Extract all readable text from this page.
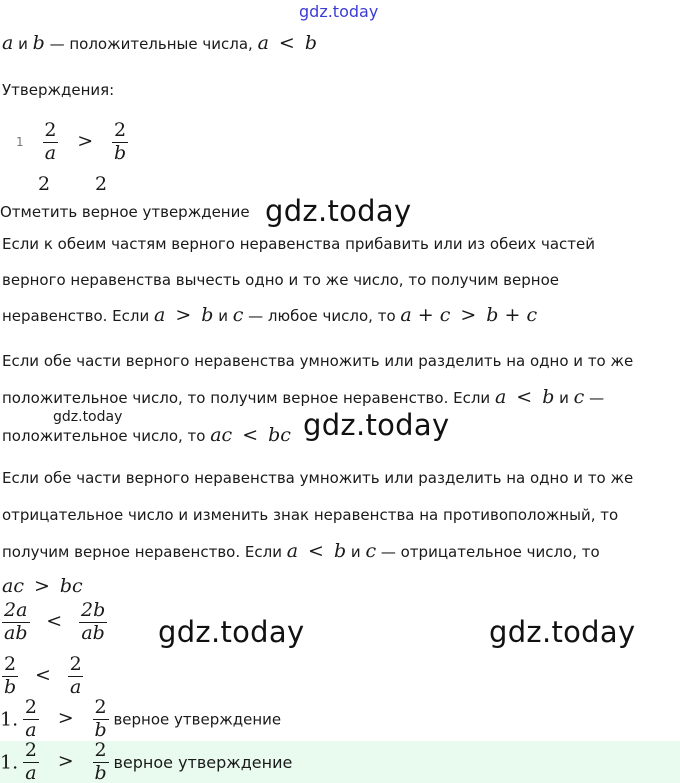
gdz.today
a и b — положительные числа, a < b
Утверждения:
$1 \frac{2}{a} > \frac{2}{b}$
2 2
Отметить верное утверждение gdz.today
Если к обеим частям верного неравенства прибавить или из обеих частей
верного неравенства вычесть одно и то же число, то получим верное
неравенство. Если a > b и c — любое число, то a + c > b + c
Если обе части верного неравенства умножить или разделить на одно и то же
положительное число, то получим верное неравенство. Если a < b и c —
gdz.today
положительное число, то ac < bc gdz.today
Если обе части верного неравенства умножить или разделить на одно и то же
отрицательное число и изменить знак неравенства на противоположный, то
получим верное неравенство. Если a < b и c — отрицательное число, то
ac > bc
$\frac{2a}{ab} < \frac{2b}{ab}$ gdz.today	gdz.today
$\frac{2}{b} < \frac{2}{a}$
1. $\frac{2}{a} > \frac{2}{b}$ верное утверждение
1. $\frac{2}{a} > \frac{2}{b}$ верное утверждение
